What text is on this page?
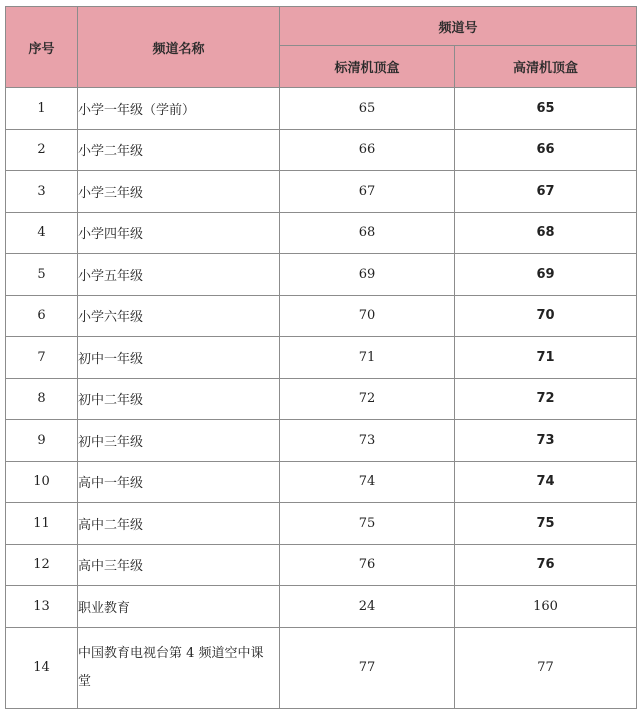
序号	频道名称	频道号	
		标清机顶盒	高清机顶盒
1	小学一年级（学前）	65	65
2	小学二年级	66	66
3	小学三年级	67	67
4	小学四年级	68	68
5	小学五年级	69	69
6	小学六年级	70	70
7	初中一年级	71	71
8	初中二年级	72	72
9	初中三年级	73	73
10	高中一年级	74	74
11	高中二年级	75	75
12	高中三年级	76	76
13	职业教育	24	160
14	中国教育电视台第 4 频道空中课堂	77	77
